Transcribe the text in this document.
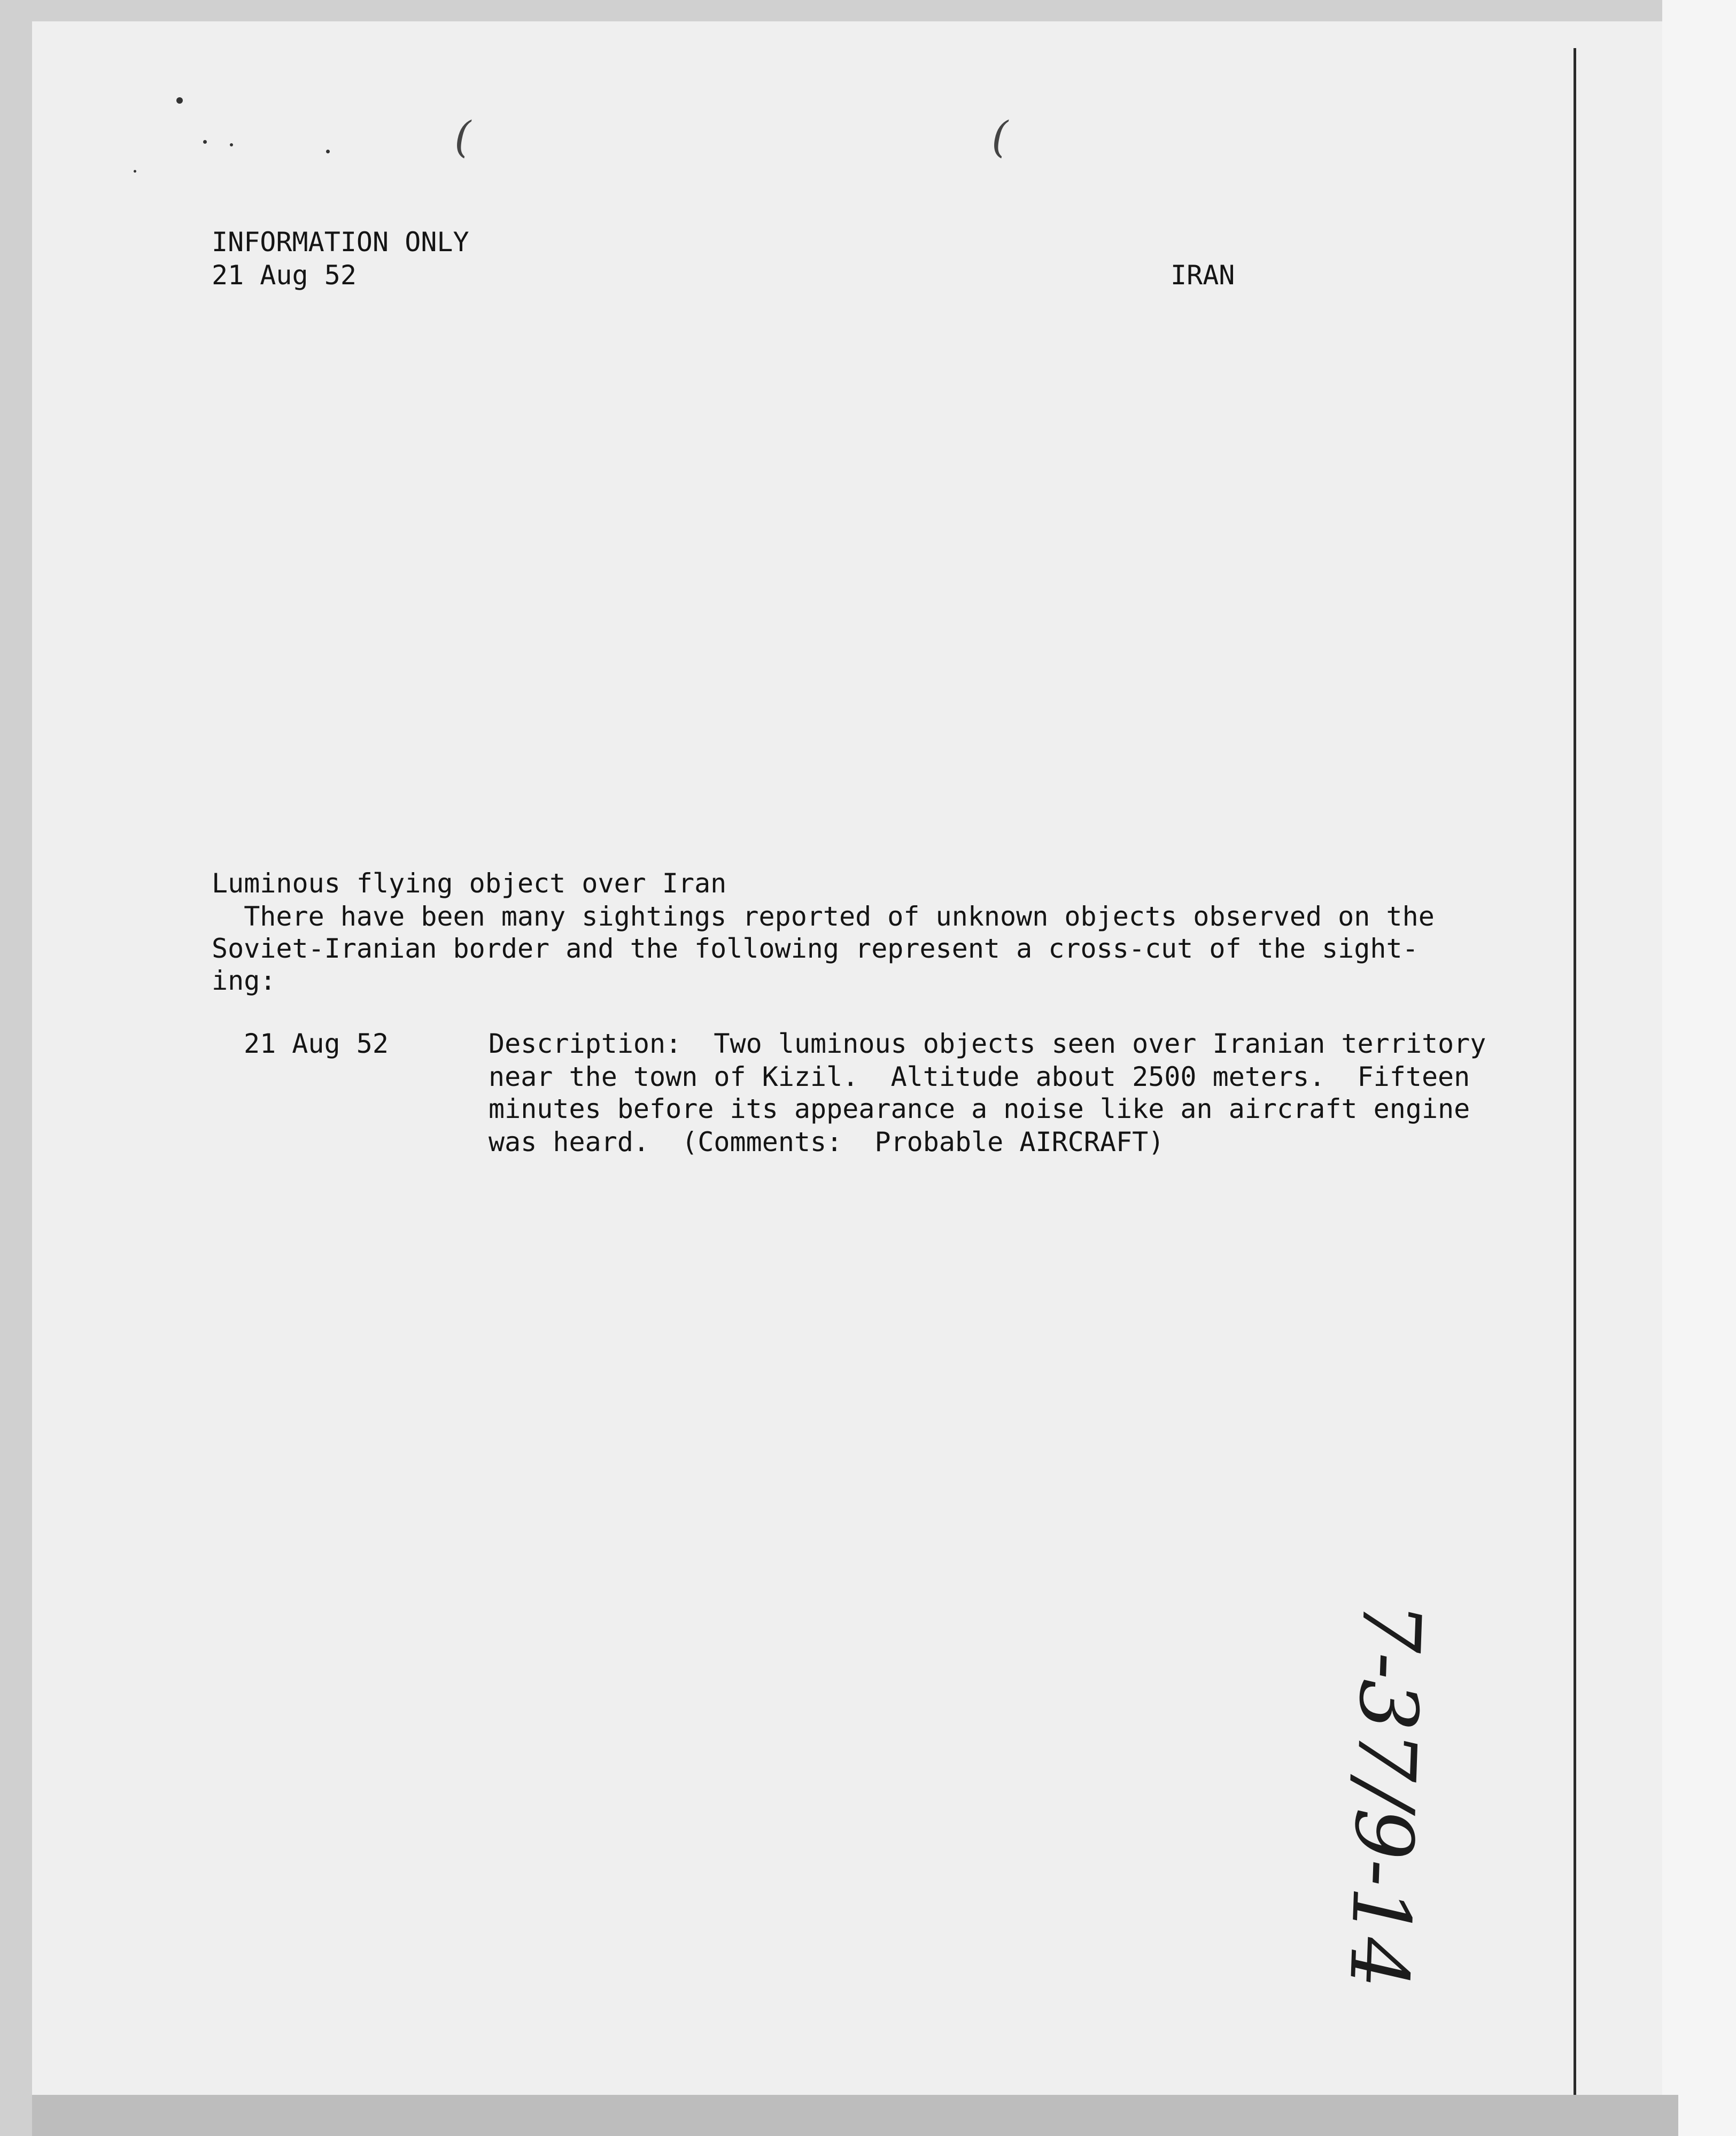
(	(
INFORMATION ONLY
21 Aug 52	IRAN
Luminous flying object over Iran
There have been many sightings reported of unknown objects observed on the
Soviet-Iranian border and the following represent a cross-cut of the sight-
ing:
21 Aug 52	Description:  Two luminous objects seen over Iranian territory
near the town of Kizil.  Altitude about 2500 meters.  Fifteen
minutes before its appearance a noise like an aircraft engine
was heard.  (Comments:  Probable AIRCRAFT)
7-37/9-14
